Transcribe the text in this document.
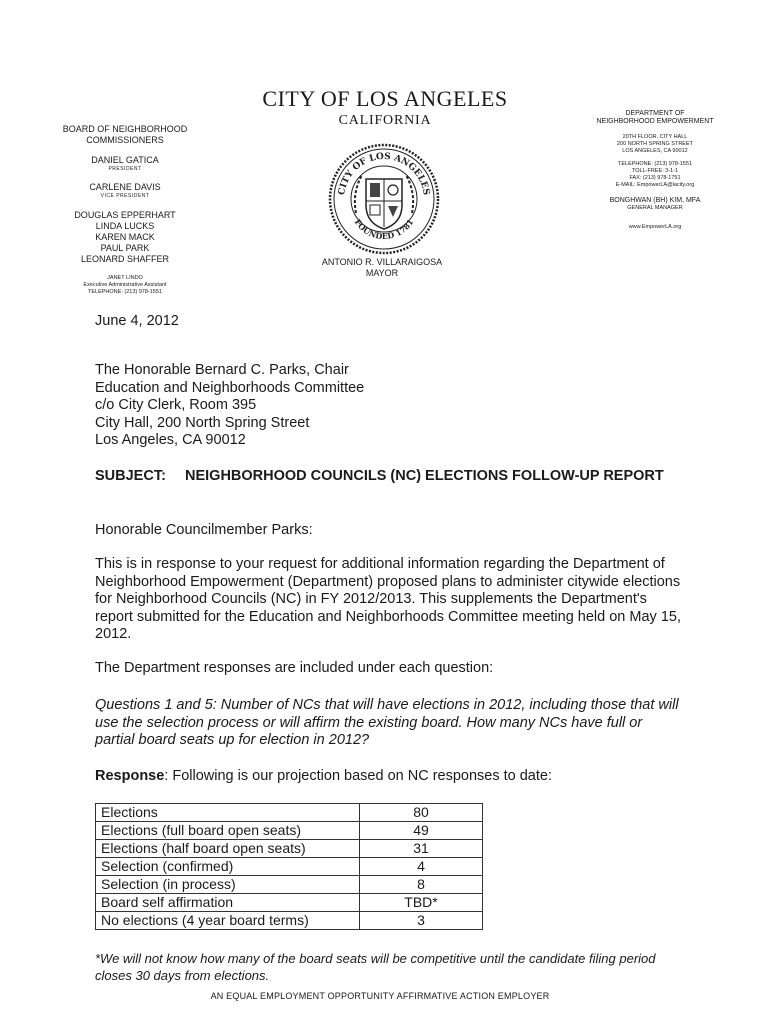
CITY OF LOS ANGELES
CALIFORNIA
BOARD OF NEIGHBORHOOD
COMMISSIONERS
DANIEL GATICA
PRESIDENT
CARLENE DAVIS
VICE PRESIDENT
DOUGLAS EPPERHART
LINDA LUCKS
KAREN MACK
PAUL PARK
LEONARD SHAFFER
JANET LINDO
Executive Administrative Assistant
TELEPHONE: (213) 978-1551
DEPARTMENT OF
NEIGHBORHOOD EMPOWERMENT
20TH FLOOR, CITY HALL
200 NORTH SPRING STREET
LOS ANGELES, CA 90012
TELEPHONE: (213) 978-1551
TOLL-FREE: 3-1-1
FAX: (213) 978-1751
E-MAIL: EmpowerLA@lacity.org
BONGHWAN (BH) KIM, MFA
GENERAL MANAGER
www.EmpowerLA.org
CITY OF LOS ANGELES
FOUNDED 1781
ANTONIO R. VILLARAIGOSA
MAYOR
June 4, 2012
The Honorable Bernard C. Parks, Chair
Education and Neighborhoods Committee
c/o City Clerk, Room 395
City Hall, 200 North Spring Street
Los Angeles, CA 90012
SUBJECT: NEIGHBORHOOD COUNCILS (NC) ELECTIONS FOLLOW-UP REPORT
Honorable Councilmember Parks:
This is in response to your request for additional information regarding the Department of Neighborhood Empowerment (Department) proposed plans to administer citywide elections for Neighborhood Councils (NC) in FY 2012/2013. This supplements the Department's report submitted for the Education and Neighborhoods Committee meeting held on May 15, 2012.
The Department responses are included under each question:
Questions 1 and 5: Number of NCs that will have elections in 2012, including those that will use the selection process or will affirm the existing board. How many NCs have full or partial board seats up for election in 2012?
Response: Following is our projection based on NC responses to date:
Elections	80
Elections (full board open seats)	49
Elections (half board open seats)	31
Selection (confirmed)	4
Selection (in process)	8
Board self affirmation	TBD*
No elections (4 year board terms)	3
*We will not know how many of the board seats will be competitive until the candidate filing period closes 30 days from elections.
AN EQUAL EMPLOYMENT OPPORTUNITY AFFIRMATIVE ACTION EMPLOYER
